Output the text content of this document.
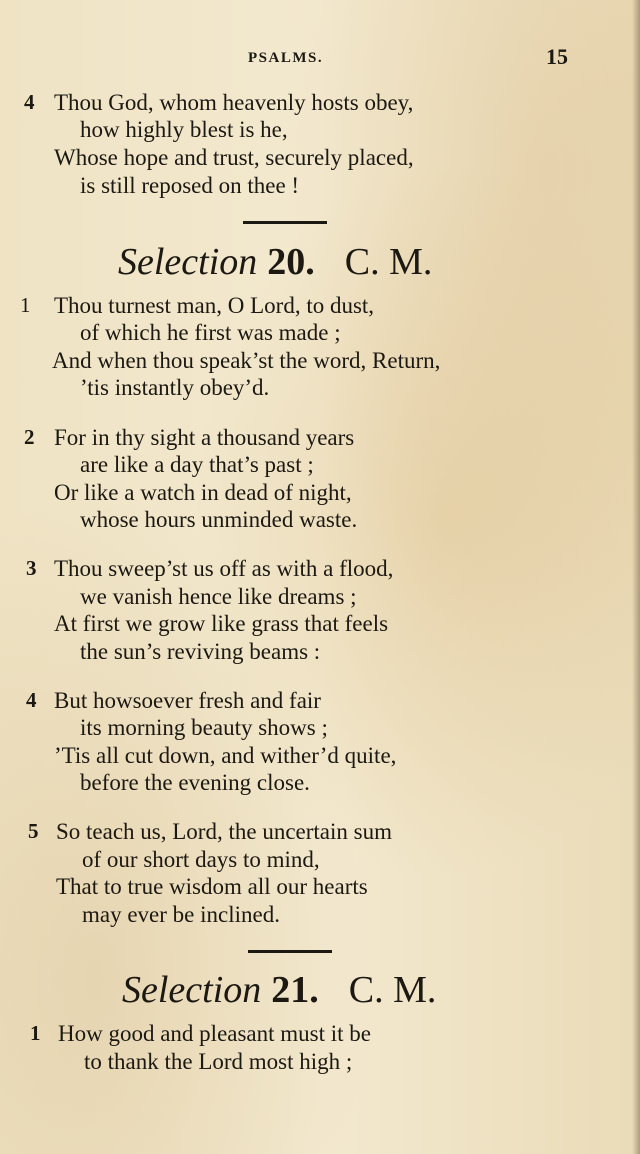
PSALMS.	15
4 Thou God, whom heavenly hosts obey,
how highly blest is he,
Whose hope and trust, securely placed,
is still reposed on thee !
Selection 20. C. M.
1 Thou turnest man, O Lord, to dust,
of which he first was made ;
And when thou speak’st the word, Return,
’tis instantly obey’d.
2 For in thy sight a thousand years
are like a day that’s past ;
Or like a watch in dead of night,
whose hours unminded waste.
3 Thou sweep’st us off as with a flood,
we vanish hence like dreams ;
At first we grow like grass that feels
the sun’s reviving beams :
4 But howsoever fresh and fair
its morning beauty shows ;
’Tis all cut down, and wither’d quite,
before the evening close.
5 So teach us, Lord, the uncertain sum
of our short days to mind,
That to true wisdom all our hearts
may ever be inclined.
Selection 21. C. M.
1 How good and pleasant must it be
to thank the Lord most high ;
